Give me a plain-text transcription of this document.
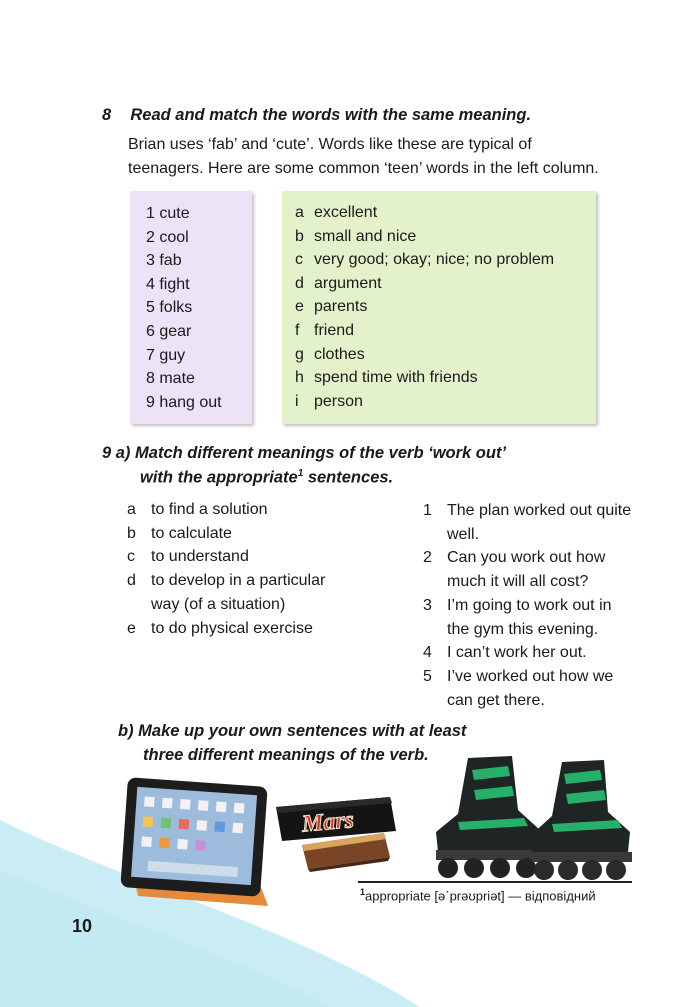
8 Read and match the words with the same meaning.
Brian uses ‘fab’ and ‘cute’. Words like these are typical of
teenagers. Here are some common ‘teen’ words in the left column.
1 cute
2 cool
3 fab
4 fight
5 folks
6 gear
7 guy
8 mate
9 hang out
a excellent
b small and nice
c very good; okay; nice; no problem
d argument
e parents
f friend
g clothes
h spend time with friends
i person
9 a) Match different meanings of the verb ‘work out’
with the appropriate$^1$ sentences.
a to find a solution
b to calculate
c	to understand
d to develop in a particular way (of a situation)
e to do physical exercise
1 The plan worked out quite well.
2 Can you work out how much it will all cost?
3 I’m going to work out in the gym this evening.
4 I can’t work her out.
5 I’ve worked out how we can get there.
b) Make up your own sentences with at least
three different meanings of the verb.
Mars
$^1$appropriate [ə΄prəʊpriət] — відповідний
10
